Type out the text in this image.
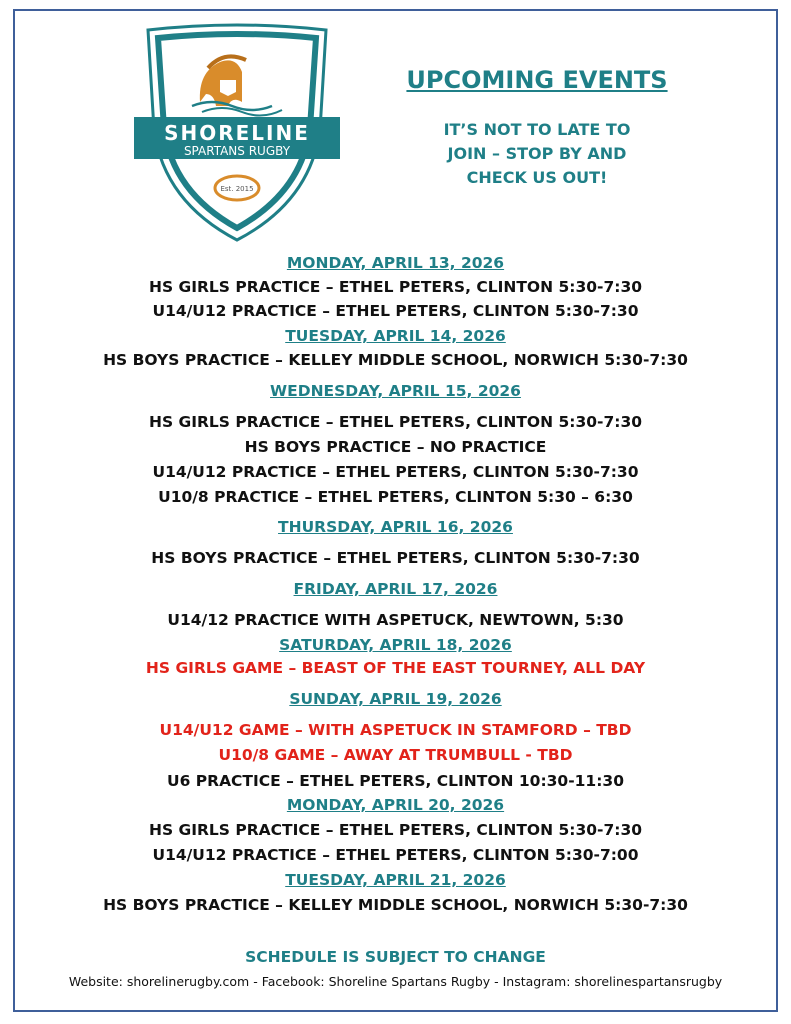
SHORELINE
SPARTANS RUGBY
Est. 2015
UPCOMING EVENTS
IT’S NOT TO LATE TO
JOIN – STOP BY AND
CHECK US OUT!
MONDAY, APRIL 13, 2026
HS GIRLS PRACTICE – ETHEL PETERS, CLINTON 5:30-7:30
U14/U12 PRACTICE – ETHEL PETERS, CLINTON 5:30-7:30
TUESDAY, APRIL 14, 2026
HS BOYS PRACTICE – KELLEY MIDDLE SCHOOL, NORWICH 5:30-7:30
WEDNESDAY, APRIL 15, 2026
HS GIRLS PRACTICE – ETHEL PETERS, CLINTON 5:30-7:30
HS BOYS PRACTICE – NO PRACTICE
U14/U12 PRACTICE – ETHEL PETERS, CLINTON 5:30-7:30
U10/8 PRACTICE – ETHEL PETERS, CLINTON 5:30 – 6:30
THURSDAY, APRIL 16, 2026
HS BOYS PRACTICE – ETHEL PETERS, CLINTON 5:30-7:30
FRIDAY, APRIL 17, 2026
U14/12 PRACTICE WITH ASPETUCK, NEWTOWN, 5:30
SATURDAY, APRIL 18, 2026
HS GIRLS GAME – BEAST OF THE EAST TOURNEY, ALL DAY
SUNDAY, APRIL 19, 2026
U14/U12 GAME – WITH ASPETUCK IN STAMFORD – TBD
U10/8 GAME – AWAY AT TRUMBULL - TBD
U6 PRACTICE – ETHEL PETERS, CLINTON 10:30-11:30
MONDAY, APRIL 20, 2026
HS GIRLS PRACTICE – ETHEL PETERS, CLINTON 5:30-7:30
U14/U12 PRACTICE – ETHEL PETERS, CLINTON 5:30-7:00
TUESDAY, APRIL 21, 2026
HS BOYS PRACTICE – KELLEY MIDDLE SCHOOL, NORWICH 5:30-7:30
SCHEDULE IS SUBJECT TO CHANGE
Website: shorelinerugby.com - Facebook: Shoreline Spartans Rugby - Instagram: shorelinespartansrugby
